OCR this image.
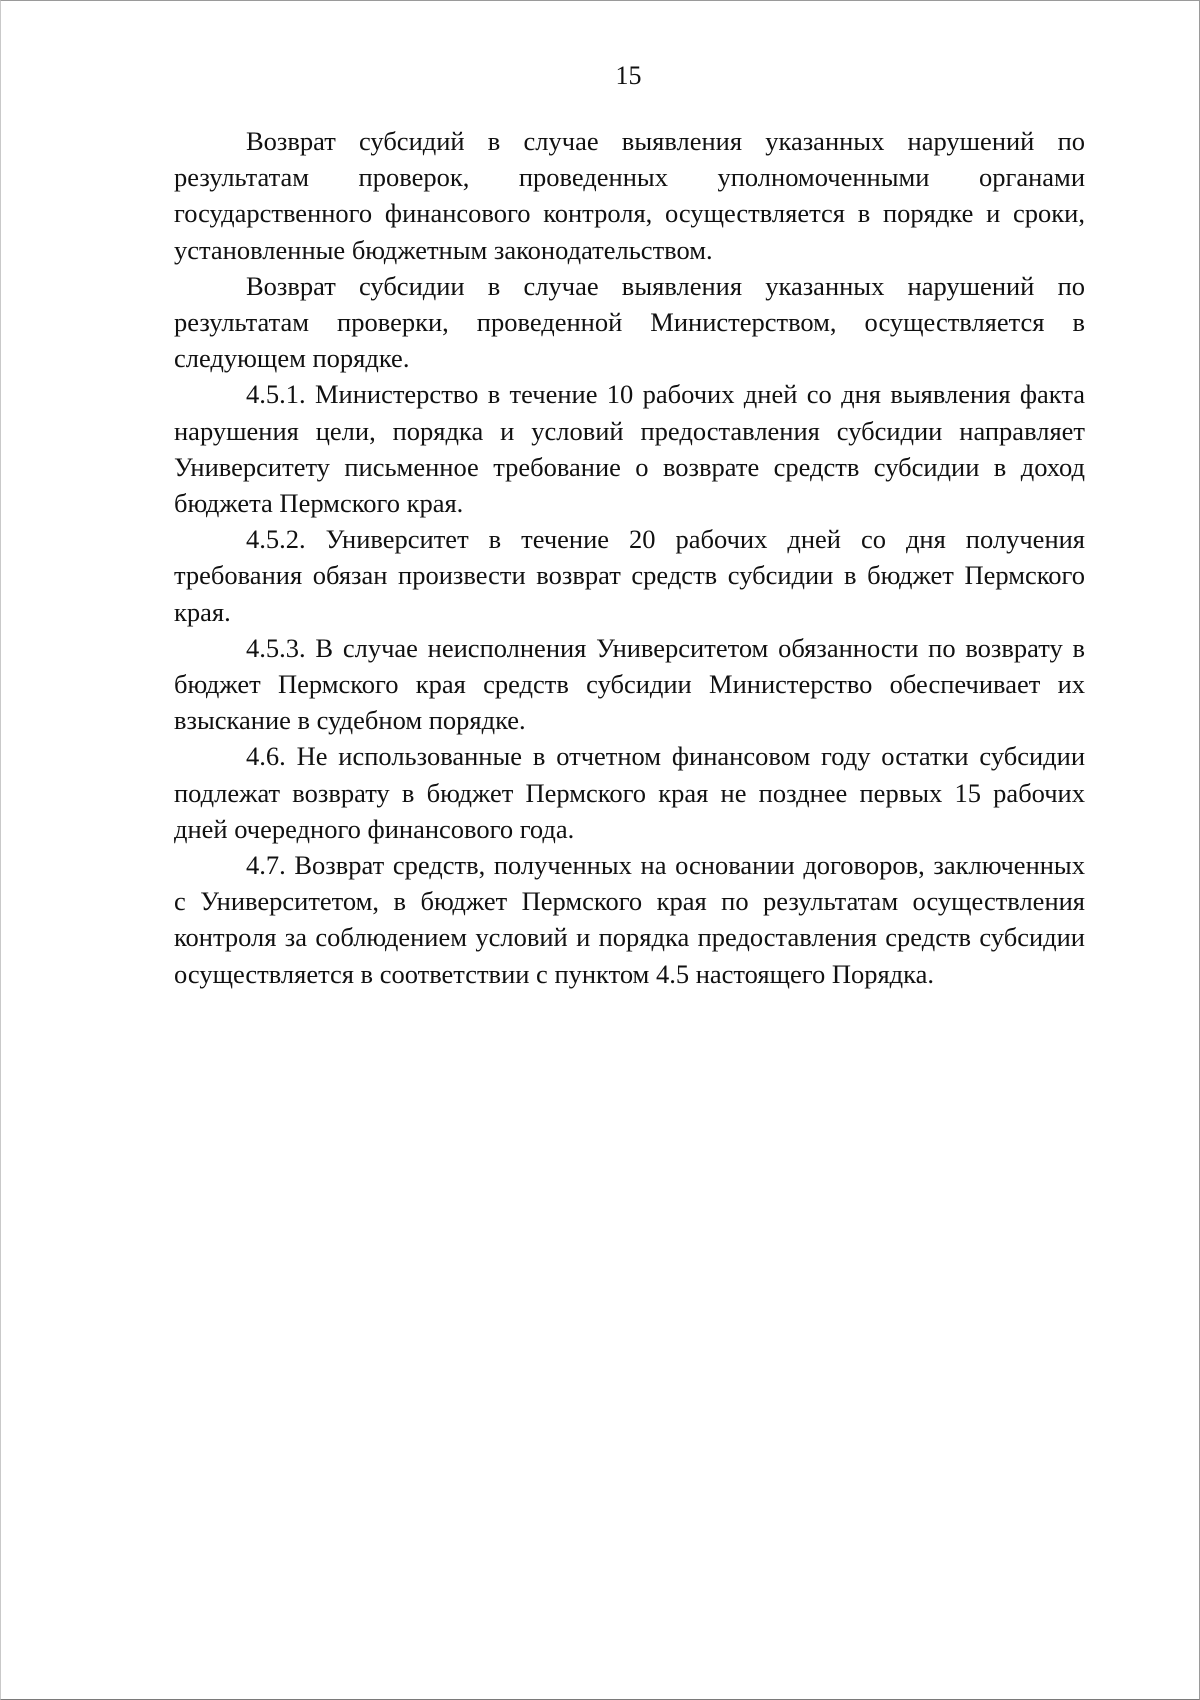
15

Возврат субсидий в случае выявления указанных нарушений по результатам проверок, проведенных уполномоченными органами государственного финансового контроля, осуществляется в порядке и сроки, установленные бюджетным законодательством.

Возврат субсидии в случае выявления указанных нарушений по результатам проверки, проведенной Министерством, осуществляется в следующем порядке.

4.5.1. Министерство в течение 10 рабочих дней со дня выявления факта нарушения цели, порядка и условий предоставления субсидии направляет Университету письменное требование о возврате средств субсидии в доход бюджета Пермского края.

4.5.2. Университет в течение 20 рабочих дней со дня получения требования обязан произвести возврат средств субсидии в бюджет Пермского края.

4.5.3. В случае неисполнения Университетом обязанности по возврату в бюджет Пермского края средств субсидии Министерство обеспечивает их взыскание в судебном порядке.

4.6. Не использованные в отчетном финансовом году остатки субсидии подлежат возврату в бюджет Пермского края не позднее первых 15 рабочих дней очередного финансового года.

4.7. Возврат средств, полученных на основании договоров, заключенных с Университетом, в бюджет Пермского края по результатам осуществления контроля за соблюдением условий и порядка предоставления средств субсидии осуществляется в соответствии с пунктом 4.5 настоящего Порядка.
